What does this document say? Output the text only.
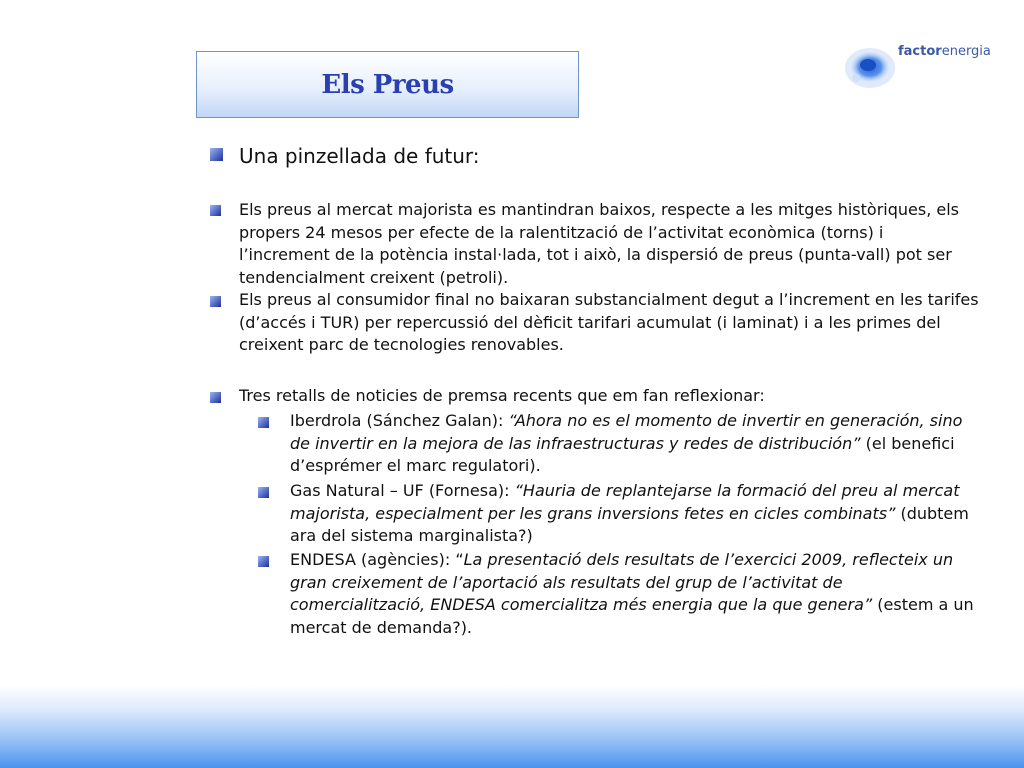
Els Preus
factorenergia
Una pinzellada de futur:
Els preus al mercat majorista es mantindran baixos, respecte a les mitges històriques, els propers 24 mesos per efecte de la ralentització de l’activitat econòmica (torns) i l’increment de la potència instal·lada, tot i això, la dispersió de preus (punta-vall) pot ser tendencialment creixent (petroli).
Els preus al consumidor final no baixaran substancialment degut a l’increment en les tarifes (d’accés i TUR) per repercussió del dèficit tarifari acumulat (i laminat) i a les primes del creixent parc de tecnologies renovables.
Tres retalls de noticies de premsa recents que em fan reflexionar:
Iberdrola (Sánchez Galan): “Ahora no es el momento de invertir en generación, sino de invertir en la mejora de las infraestructuras y redes de distribución” (el benefici d’esprémer el marc regulatori).
Gas Natural – UF (Fornesa): “Hauria de replantejarse la formació del preu al mercat majorista, especialment per les grans inversions fetes en cicles combinats” (dubtem ara del sistema marginalista?)
ENDESA (agències): “La presentació dels resultats de l’exercici 2009, reflecteix un gran creixement de l’aportació als resultats del grup de l’activitat de comercialització, ENDESA comercialitza més energia que la que genera” (estem a un mercat de demanda?).
